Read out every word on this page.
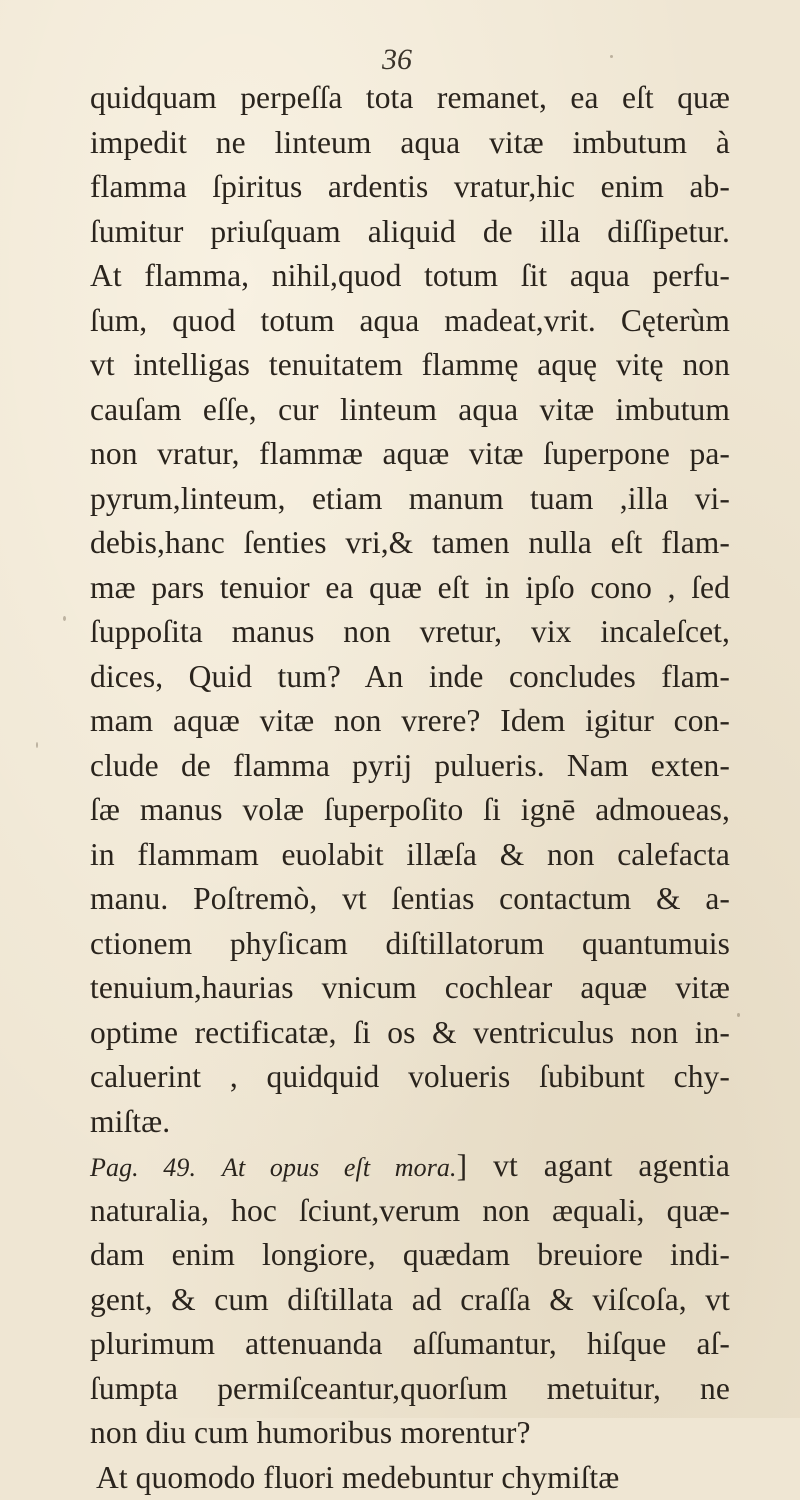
36
quidquam perpeſſa tota remanet, ea eſt quæ
impedit ne linteum aqua vitæ imbutum à
flamma ſpiritus ardentis vratur,hic enim ab-
ſumitur priuſquam aliquid de illa diſſipetur.
At flamma, nihil,quod totum ſit aqua perfu-
ſum, quod totum aqua madeat,vrit. Cęterùm
vt intelligas tenuitatem flammę aquę vitę non
cauſam eſſe, cur linteum aqua vitæ imbutum
non vratur, flammæ aquæ vitæ ſuperpone pa-
pyrum,linteum, etiam manum tuam ,illa vi-
debis,hanc ſenties vri,& tamen nulla eſt flam-
mæ pars tenuior ea quæ eſt in ipſo cono , ſed
ſuppoſita manus non vretur, vix incaleſcet,
dices, Quid tum? An inde concludes flam-
mam aquæ vitæ non vrere? Idem igitur con-
clude de flamma pyrij pulueris. Nam exten-
ſæ manus volæ ſuperpoſito ſi ignē admoueas,
in flammam euolabit illæſa & non calefacta
manu. Poſtremò, vt ſentias contactum & a-
ctionem phyſicam diſtillatorum quantumuis
tenuium,haurias vnicum cochlear aquæ vitæ
optime rectificatæ, ſi os & ventriculus non in-
caluerint , quidquid volueris ſubibunt chy-
miſtæ.
Pag. 49. At opus eſt mora.] vt agant agentia
naturalia, hoc ſciunt,verum non æquali, quæ-
dam enim longiore, quædam breuiore indi-
gent, & cum diſtillata ad craſſa & viſcoſa, vt
plurimum attenuanda aſſumantur, hiſque aſ-
ſumpta permiſceantur,quorſum metuitur, ne
non diu cum humoribus morentur?
At quomodo fluori medebuntur chymiſtæ
